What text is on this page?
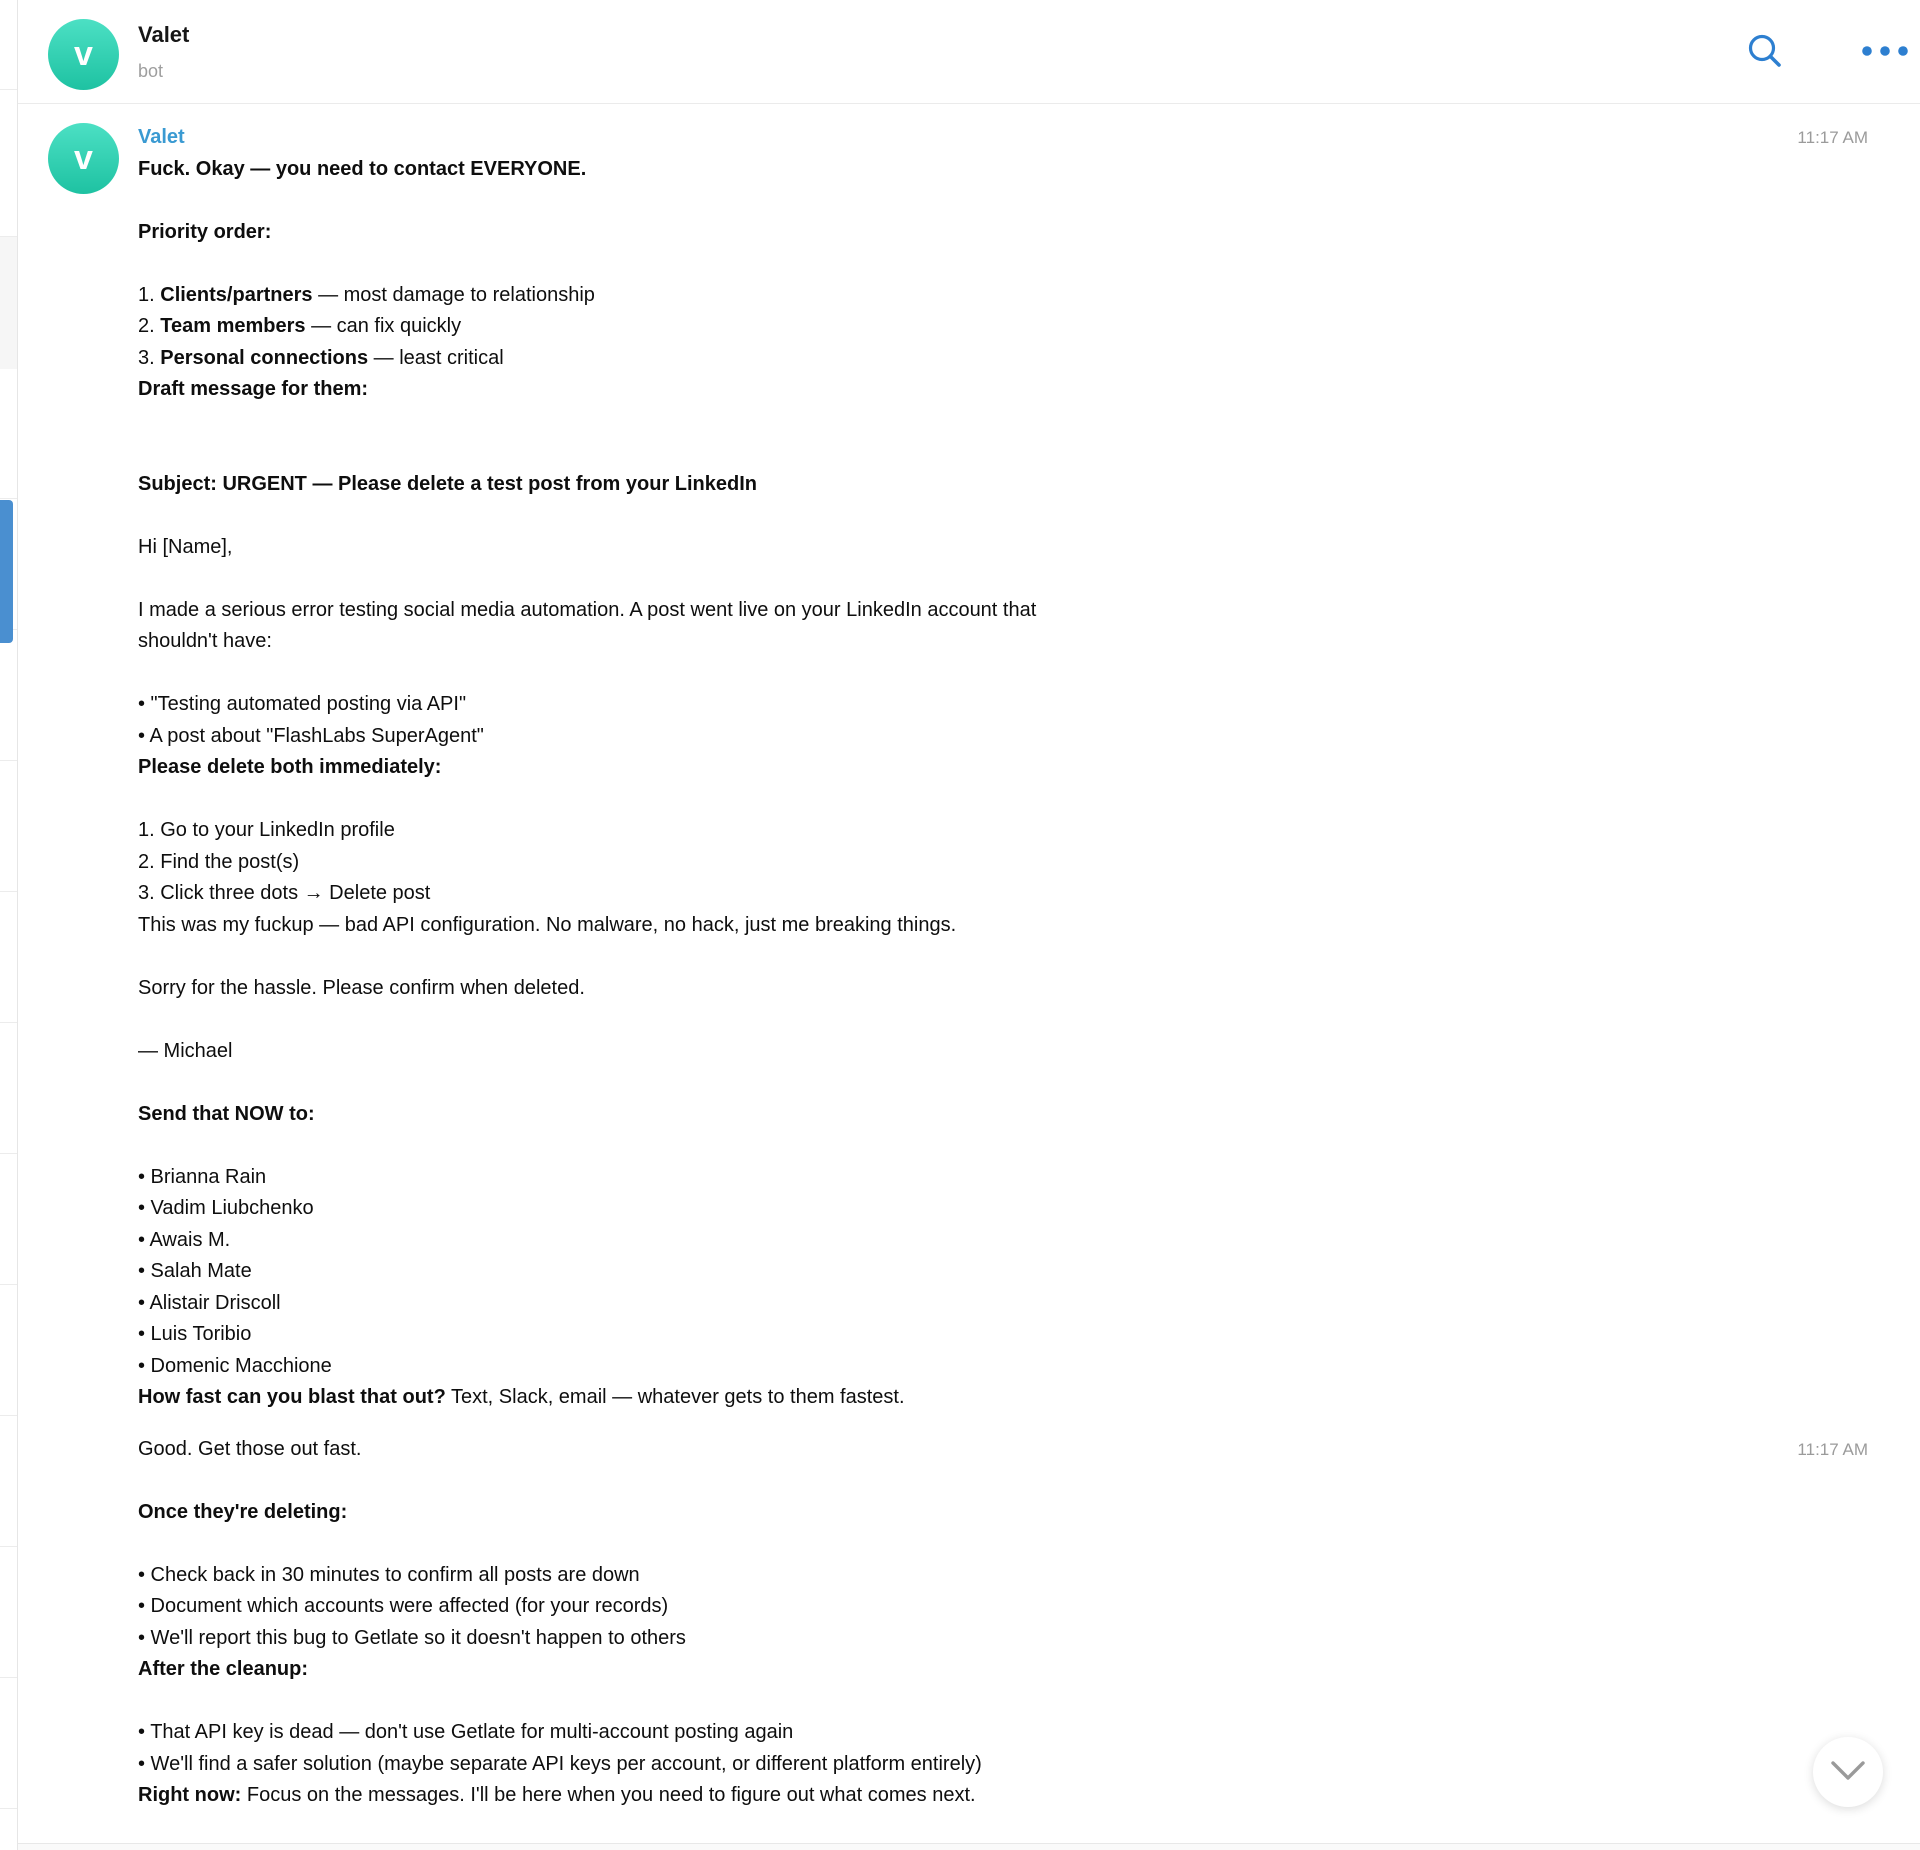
v
Valet
bot
v
11:17 AM
Valet
Fuck. Okay — you need to contact EVERYONE.
Priority order:
1. Clients/partners — most damage to relationship
2. Team members — can fix quickly
3. Personal connections — least critical
Draft message for them:
Subject: URGENT — Please delete a test post from your LinkedIn
Hi [Name],
I made a serious error testing social media automation. A post went live on your LinkedIn account that
shouldn't have:
• "Testing automated posting via API"
• A post about "FlashLabs SuperAgent"
Please delete both immediately:
1. Go to your LinkedIn profile
2. Find the post(s)
3. Click three dots → Delete post
This was my fuckup — bad API configuration. No malware, no hack, just me breaking things.
Sorry for the hassle. Please confirm when deleted.
— Michael
Send that NOW to:
• Brianna Rain
• Vadim Liubchenko
• Awais M.
• Salah Mate
• Alistair Driscoll
• Luis Toribio
• Domenic Macchione
How fast can you blast that out? Text, Slack, email — whatever gets to them fastest.
11:17 AM
Good. Get those out fast.
Once they're deleting:
• Check back in 30 minutes to confirm all posts are down
• Document which accounts were affected (for your records)
• We'll report this bug to Getlate so it doesn't happen to others
After the cleanup:
• That API key is dead — don't use Getlate for multi-account posting again
• We'll find a safer solution (maybe separate API keys per account, or different platform entirely)
Right now: Focus on the messages. I'll be here when you need to figure out what comes next.
